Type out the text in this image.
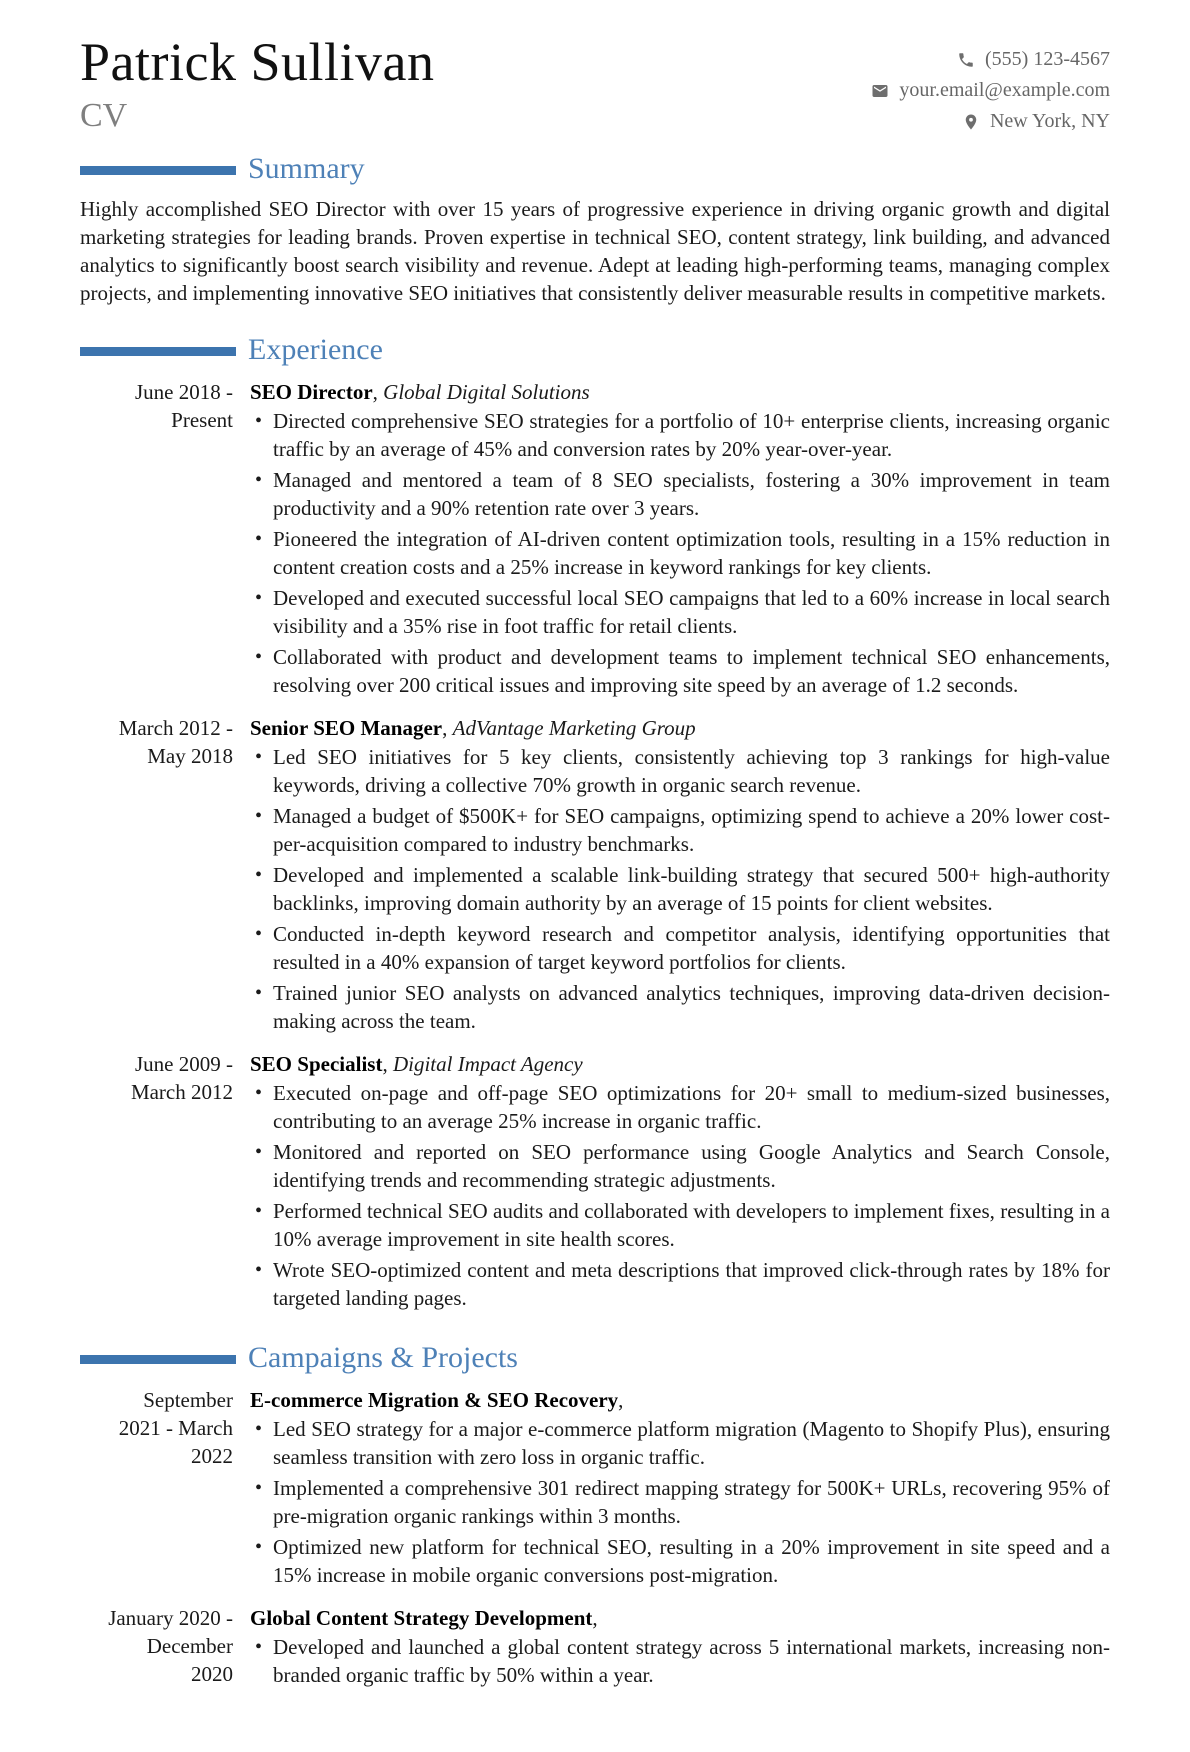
Patrick Sullivan
CV
(555) 123-4567
your.email@example.com
New York, NY
Summary

Highly accomplished SEO Director with over 15 years of progressive experience in driving organic growth and digital marketing strategies for leading brands. Proven expertise in technical SEO, content strategy, link building, and advanced analytics to significantly boost search visibility and revenue. Adept at leading high-performing teams, managing complex projects, and implementing innovative SEO initiatives that consistently deliver measurable results in competitive markets.

Experience
June 2018 - Present
SEO Director, Global Digital Solutions
• Directed comprehensive SEO strategies for a portfolio of 10+ enterprise clients, increasing organic traffic by an average of 45% and conversion rates by 20% year-over-year.
• Managed and mentored a team of 8 SEO specialists, fostering a 30% improvement in team productivity and a 90% retention rate over 3 years.
• Pioneered the integration of AI-driven content optimization tools, resulting in a 15% reduction in content creation costs and a 25% increase in keyword rankings for key clients.
• Developed and executed successful local SEO campaigns that led to a 60% increase in local search visibility and a 35% rise in foot traffic for retail clients.
• Collaborated with product and development teams to implement technical SEO enhancements, resolving over 200 critical issues and improving site speed by an average of 1.2 seconds.
March 2012 - May 2018
Senior SEO Manager, AdVantage Marketing Group
• Led SEO initiatives for 5 key clients, consistently achieving top 3 rankings for high-value keywords, driving a collective 70% growth in organic search revenue.
• Managed a budget of $500K+ for SEO campaigns, optimizing spend to achieve a 20% lower cost-per-acquisition compared to industry benchmarks.
• Developed and implemented a scalable link-building strategy that secured 500+ high-authority backlinks, improving domain authority by an average of 15 points for client websites.
• Conducted in-depth keyword research and competitor analysis, identifying opportunities that resulted in a 40% expansion of target keyword portfolios for clients.
• Trained junior SEO analysts on advanced analytics techniques, improving data-driven decision-making across the team.
June 2009 - March 2012
SEO Specialist, Digital Impact Agency
• Executed on-page and off-page SEO optimizations for 20+ small to medium-sized businesses, contributing to an average 25% increase in organic traffic.
• Monitored and reported on SEO performance using Google Analytics and Search Console, identifying trends and recommending strategic adjustments.
• Performed technical SEO audits and collaborated with developers to implement fixes, resulting in a 10% average improvement in site health scores.
• Wrote SEO-optimized content and meta descriptions that improved click-through rates by 18% for targeted landing pages.
Campaigns & Projects
September 2021 - March 2022
E-commerce Migration & SEO Recovery,
• Led SEO strategy for a major e-commerce platform migration (Magento to Shopify Plus), ensuring seamless transition with zero loss in organic traffic.
• Implemented a comprehensive 301 redirect mapping strategy for 500K+ URLs, recovering 95% of pre-migration organic rankings within 3 months.
• Optimized new platform for technical SEO, resulting in a 20% improvement in site speed and a 15% increase in mobile organic conversions post-migration.
January 2020 - December 2020
Global Content Strategy Development,
• Developed and launched a global content strategy across 5 international markets, increasing non-branded organic traffic by 50% within a year.
